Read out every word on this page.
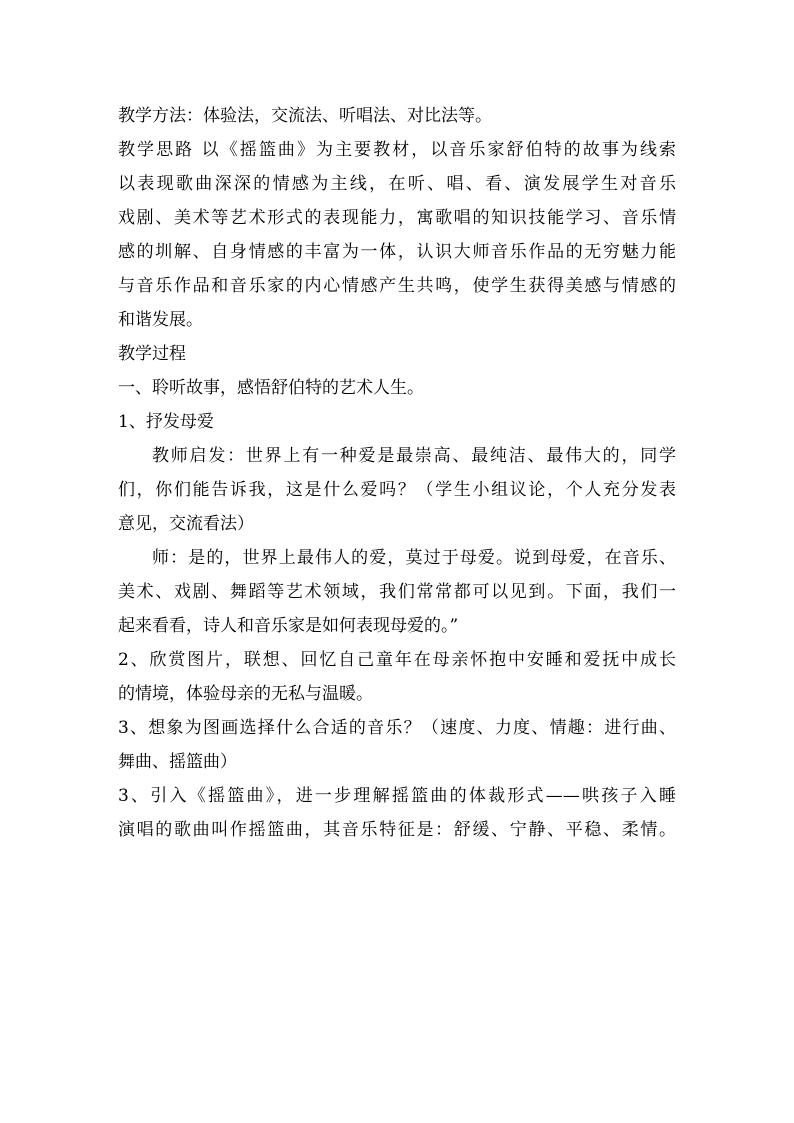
教学方法：体验法，交流法、听唱法、对比法等。
教学思路 以《摇篮曲》为主要教材，以音乐家舒伯特的故事为线索
以表现歌曲深深的情感为主线，在听、唱、看、演发展学生对音乐
戏剧、美术等艺术形式的表现能力，寓歌唱的知识技能学习、音乐情
感的圳解、自身情感的丰富为一体，认识大师音乐作品的无穷魅力能
与音乐作品和音乐家的内心情感产生共鸣，使学生获得美感与情感的
和谐发展。
教学过程
一、聆听故事，感悟舒伯特的艺术人生。
1、抒发母爱
教师启发：世界上有一种爱是最崇高、最纯洁、最伟大的，同学
们，你们能告诉我，这是什么爱吗？（学生小组议论，个人充分发表
意见，交流看法）
师：是的，世界上最伟人的爱，莫过于母爱。说到母爱，在音乐、
美术、戏剧、舞蹈等艺术领域，我们常常都可以见到。下面，我们一
起来看看，诗人和音乐家是如何表现母爱的。”
2、欣赏图片，联想、回忆自己童年在母亲怀抱中安睡和爱抚中成长
的情境，体验母亲的无私与温暖。
3、想象为图画选择什么合适的音乐？（速度、力度、情趣：进行曲、
舞曲、摇篮曲）
3、引入《摇篮曲》，进一步理解摇篮曲的体裁形式——哄孩子入睡
演唱的歌曲叫作摇篮曲，其音乐特征是：舒缓、宁静、平稳、柔情。
